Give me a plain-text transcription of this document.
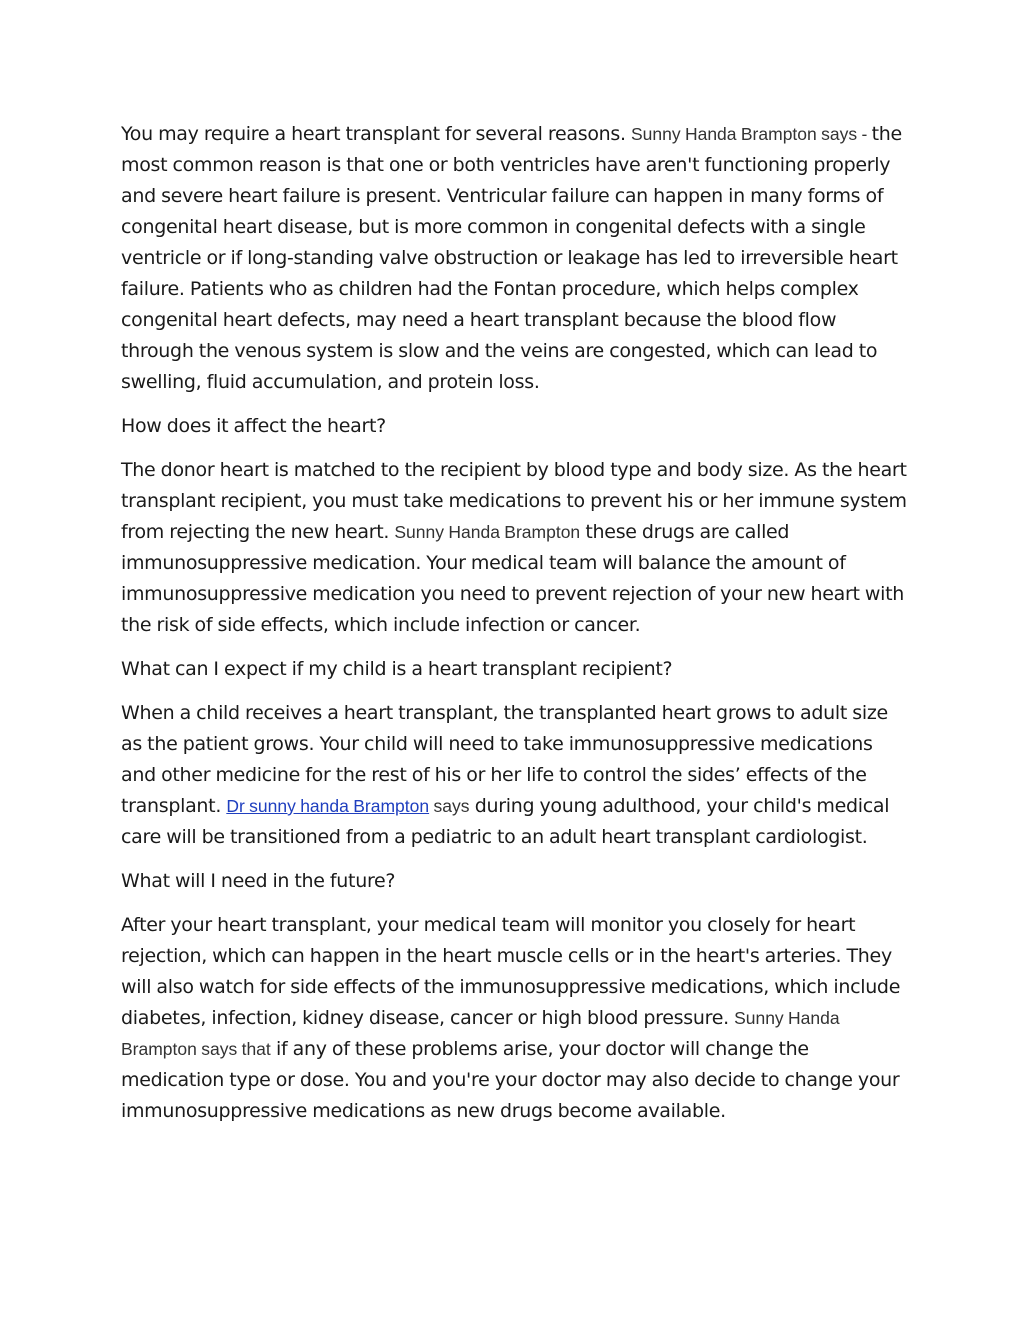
You may require a heart transplant for several reasons. Sunny Handa Brampton says - the most common reason is that one or both ventricles have aren't functioning properly and severe heart failure is present. Ventricular failure can happen in many forms of congenital heart disease, but is more common in congenital defects with a single ventricle or if long-standing valve obstruction or leakage has led to irreversible heart failure. Patients who as children had the Fontan procedure, which helps complex congenital heart defects, may need a heart transplant because the blood flow through the venous system is slow and the veins are congested, which can lead to swelling, fluid accumulation, and protein loss.

How does it affect the heart?

The donor heart is matched to the recipient by blood type and body size. As the heart transplant recipient, you must take medications to prevent his or her immune system from rejecting the new heart. Sunny Handa Brampton these drugs are called immunosuppressive medication. Your medical team will balance the amount of immunosuppressive medication you need to prevent rejection of your new heart with the risk of side effects, which include infection or cancer.

What can I expect if my child is a heart transplant recipient?

When a child receives a heart transplant, the transplanted heart grows to adult size as the patient grows. Your child will need to take immunosuppressive medications and other medicine for the rest of his or her life to control the sides’ effects of the transplant. Dr sunny handa Brampton says during young adulthood, your child's medical care will be transitioned from a pediatric to an adult heart transplant cardiologist.

What will I need in the future?

After your heart transplant, your medical team will monitor you closely for heart rejection, which can happen in the heart muscle cells or in the heart's arteries. They will also watch for side effects of the immunosuppressive medications, which include diabetes, infection, kidney disease, cancer or high blood pressure. Sunny Handa Brampton says that if any of these problems arise, your doctor will change the medication type or dose. You and you're your doctor may also decide to change your immunosuppressive medications as new drugs become available.
